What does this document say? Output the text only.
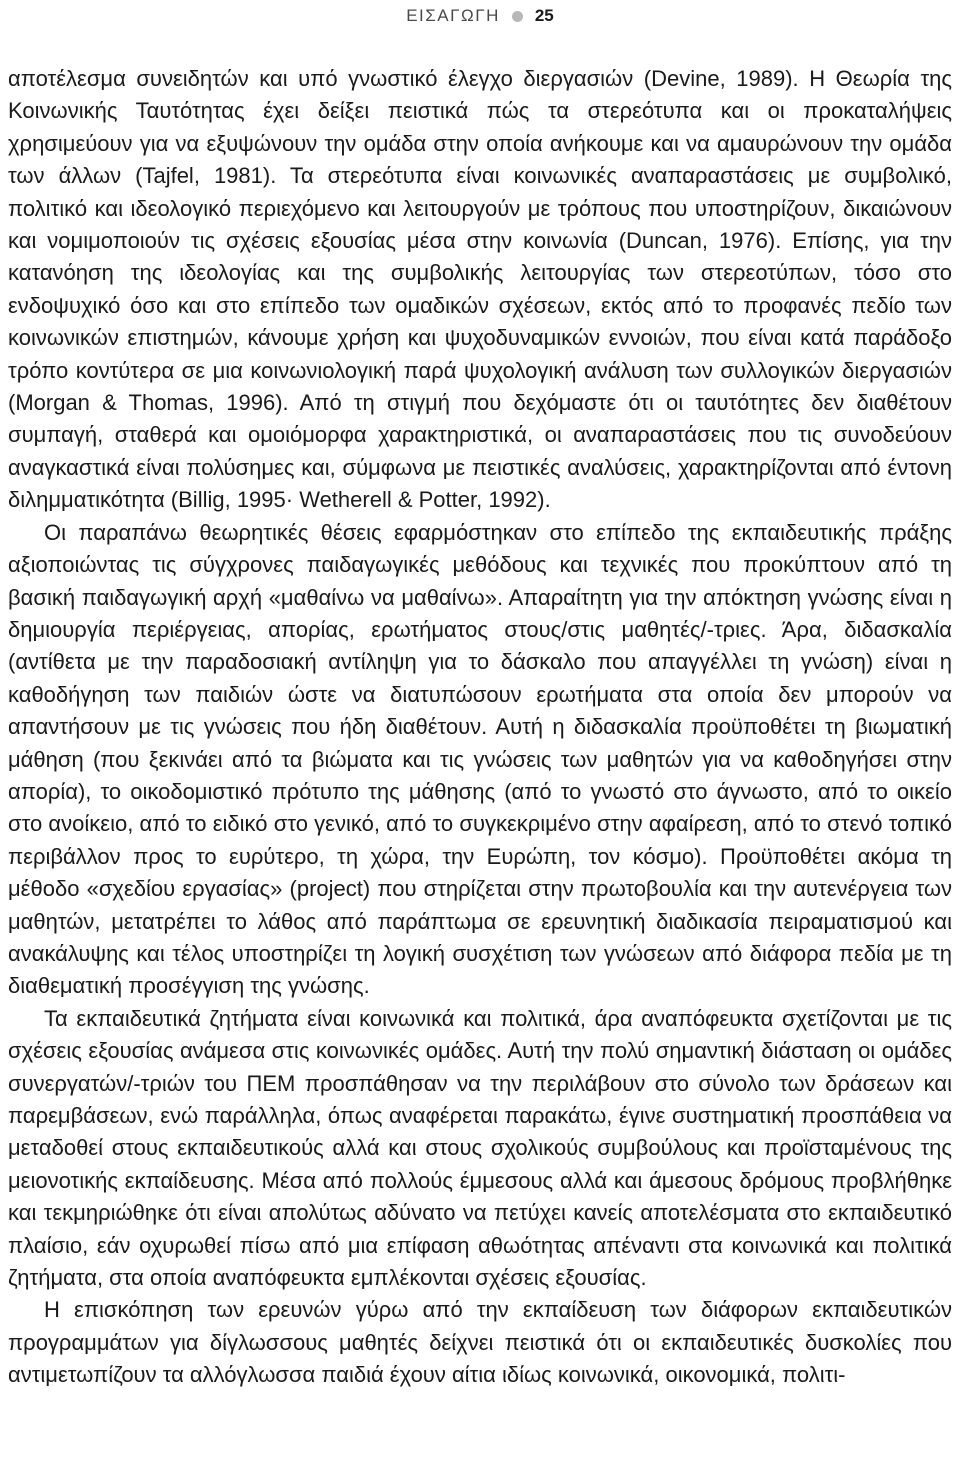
ΕΙΣΑΓΩΓΗ 25

αποτέλεσμα συνειδητών και υπό γνωστικό έλεγχο διεργασιών (Devine, 1989). Η Θεωρία της Κοινωνικής Ταυτότητας έχει δείξει πειστικά πώς τα στερεότυπα και οι προκαταλήψεις χρησιμεύουν για να εξυψώνουν την ομάδα στην οποία ανήκουμε και να αμαυρώνουν την ομάδα των άλλων (Tajfel, 1981). Τα στερεότυπα είναι κοινωνικές αναπαραστάσεις με συμβολικό, πολιτικό και ιδεολογικό περιεχόμενο και λειτουργούν με τρόπους που υποστηρίζουν, δικαιώνουν και νομιμοποιούν τις σχέσεις εξουσίας μέσα στην κοινωνία (Duncan, 1976). Επίσης, για την κατανόηση της ιδεολογίας και της συμβολικής λειτουργίας των στερεοτύπων, τόσο στο ενδοψυχικό όσο και στο επίπεδο των ομαδικών σχέσεων, εκτός από το προφανές πεδίο των κοινωνικών επιστημών, κάνουμε χρήση και ψυχοδυναμικών εννοιών, που είναι κατά παράδοξο τρόπο κοντύτερα σε μια κοινωνιολογική παρά ψυχολογική ανάλυση των συλλογικών διεργασιών (Morgan & Thomas, 1996). Από τη στιγμή που δεχόμαστε ότι οι ταυτότητες δεν διαθέτουν συμπαγή, σταθερά και ομοιόμορφα χαρακτηριστικά, οι αναπαραστάσεις που τις συνοδεύουν αναγκαστικά είναι πολύσημες και, σύμφωνα με πειστικές αναλύσεις, χαρακτηρίζονται από έντονη διλημματικότητα (Billig, 1995· Wetherell & Potter, 1992).

Οι παραπάνω θεωρητικές θέσεις εφαρμόστηκαν στο επίπεδο της εκπαιδευτικής πράξης αξιοποιώντας τις σύγχρονες παιδαγωγικές μεθόδους και τεχνικές που προκύπτουν από τη βασική παιδαγωγική αρχή «μαθαίνω να μαθαίνω». Απαραίτητη για την απόκτηση γνώσης είναι η δημιουργία περιέργειας, απορίας, ερωτήματος στους/στις μαθητές/-τριες. Άρα, διδασκαλία (αντίθετα με την παραδοσιακή αντίληψη για το δάσκαλο που απαγγέλλει τη γνώση) είναι η καθοδήγηση των παιδιών ώστε να διατυπώσουν ερωτήματα στα οποία δεν μπορούν να απαντήσουν με τις γνώσεις που ήδη διαθέτουν. Αυτή η διδασκαλία προϋποθέτει τη βιωματική μάθηση (που ξεκινάει από τα βιώματα και τις γνώσεις των μαθητών για να καθοδηγήσει στην απορία), το οικοδομιστικό πρότυπο της μάθησης (από το γνωστό στο άγνωστο, από το οικείο στο ανοίκειο, από το ειδικό στο γενικό, από το συγκεκριμένο στην αφαίρεση, από το στενό τοπικό περιβάλλον προς το ευρύτερο, τη χώρα, την Ευρώπη, τον κόσμο). Προϋποθέτει ακόμα τη μέθοδο «σχεδίου εργασίας» (project) που στηρίζεται στην πρωτοβουλία και την αυτενέργεια των μαθητών, μετατρέπει το λάθος από παράπτωμα σε ερευνητική διαδικασία πειραματισμού και ανακάλυψης και τέλος υποστηρίζει τη λογική συσχέτιση των γνώσεων από διάφορα πεδία με τη διαθεματική προσέγγιση της γνώσης.

Τα εκπαιδευτικά ζητήματα είναι κοινωνικά και πολιτικά, άρα αναπόφευκτα σχετίζονται με τις σχέσεις εξουσίας ανάμεσα στις κοινωνικές ομάδες. Αυτή την πολύ σημαντική διάσταση οι ομάδες συνεργατών/-τριών του ΠΕΜ προσπάθησαν να την περιλάβουν στο σύνολο των δράσεων και παρεμβάσεων, ενώ παράλληλα, όπως αναφέρεται παρακάτω, έγινε συστηματική προσπάθεια να μεταδοθεί στους εκπαιδευτικούς αλλά και στους σχολικούς συμβούλους και προϊσταμένους της μειονοτικής εκπαίδευσης. Μέσα από πολλούς έμμεσους αλλά και άμεσους δρόμους προβλήθηκε και τεκμηριώθηκε ότι είναι απολύτως αδύνατο να πετύχει κανείς αποτελέσματα στο εκπαιδευτικό πλαίσιο, εάν οχυρωθεί πίσω από μια επίφαση αθωότητας απέναντι στα κοινωνικά και πολιτικά ζητήματα, στα οποία αναπόφευκτα εμπλέκονται σχέσεις εξουσίας.

Η επισκόπηση των ερευνών γύρω από την εκπαίδευση των διάφορων εκπαιδευτικών προγραμμάτων για δίγλωσσους μαθητές δείχνει πειστικά ότι οι εκπαιδευτικές δυσκολίες που αντιμετωπίζουν τα αλλόγλωσσα παιδιά έχουν αίτια ιδίως κοινωνικά, οικονομικά, πολιτι-
